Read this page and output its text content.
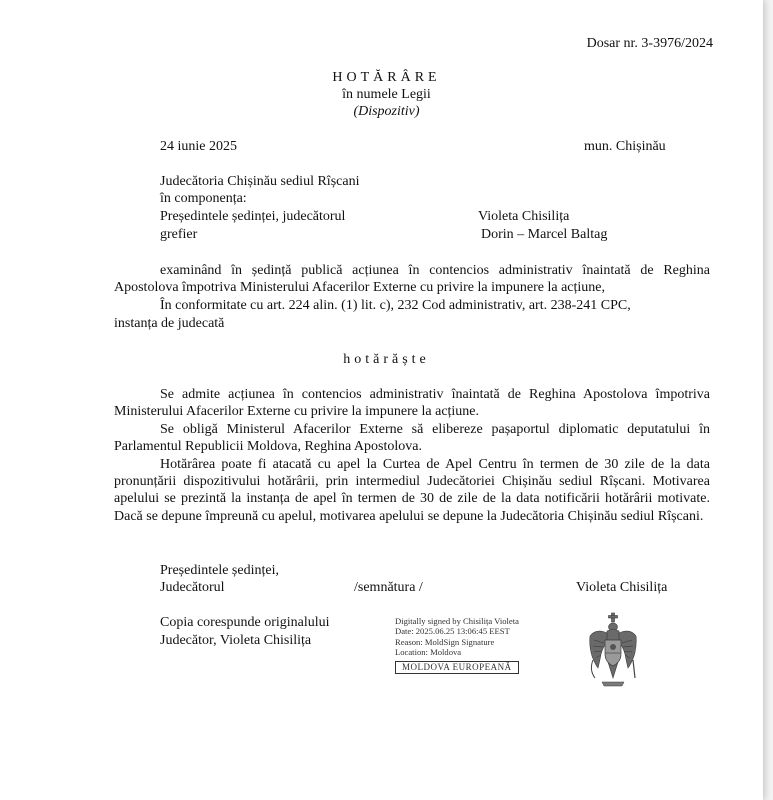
Dosar nr. 3-3976/2024
HOTĂRÂRE
în numele Legii
(Dispozitiv)
24 iunie 2025	mun. Chișinău
Judecătoria Chișinău sediul Rîșcani
în componența:
Președintele ședinței, judecătorul	Violeta Chisilița
grefier	Dorin – Marcel Baltag
examinând în ședință publică acțiunea în contencios administrativ înaintată de Reghina Apostolova împotriva Ministerului Afacerilor Externe cu privire la impunere la acțiune,
În conformitate cu art. 224 alin. (1) lit. c), 232 Cod administrativ, art. 238-241 CPC,
instanța de judecată
hotărăște
Se admite acțiunea în contencios administrativ înaintată de Reghina Apostolova împotriva Ministerului Afacerilor Externe cu privire la impunere la acțiune.
Se obligă Ministerul Afacerilor Externe să elibereze pașaportul diplomatic deputatului în Parlamentul Republicii Moldova, Reghina Apostolova.
Hotărârea poate fi atacată cu apel la Curtea de Apel Centru în termen de 30 zile de la data pronunțării dispozitivului hotărârii, prin intermediul Judecătoriei Chișinău sediul Rîșcani. Motivarea apelului se prezintă la instanța de apel în termen de 30 de zile de la data notificării hotărârii motivate. Dacă se depune împreună cu apelul, motivarea apelului se depune la Judecătoria Chișinău sediul Rîșcani.
Președintele ședinței,
Judecătorul	/semnătura /	Violeta Chisilița
Copia corespunde originalului
Judecător, Violeta Chisilița
Digitally signed by Chisilița Violeta
Date: 2025.06.25 13:06:45 EEST
Reason: MoldSign Signature
Location: Moldova
MOLDOVA EUROPEANĂ
